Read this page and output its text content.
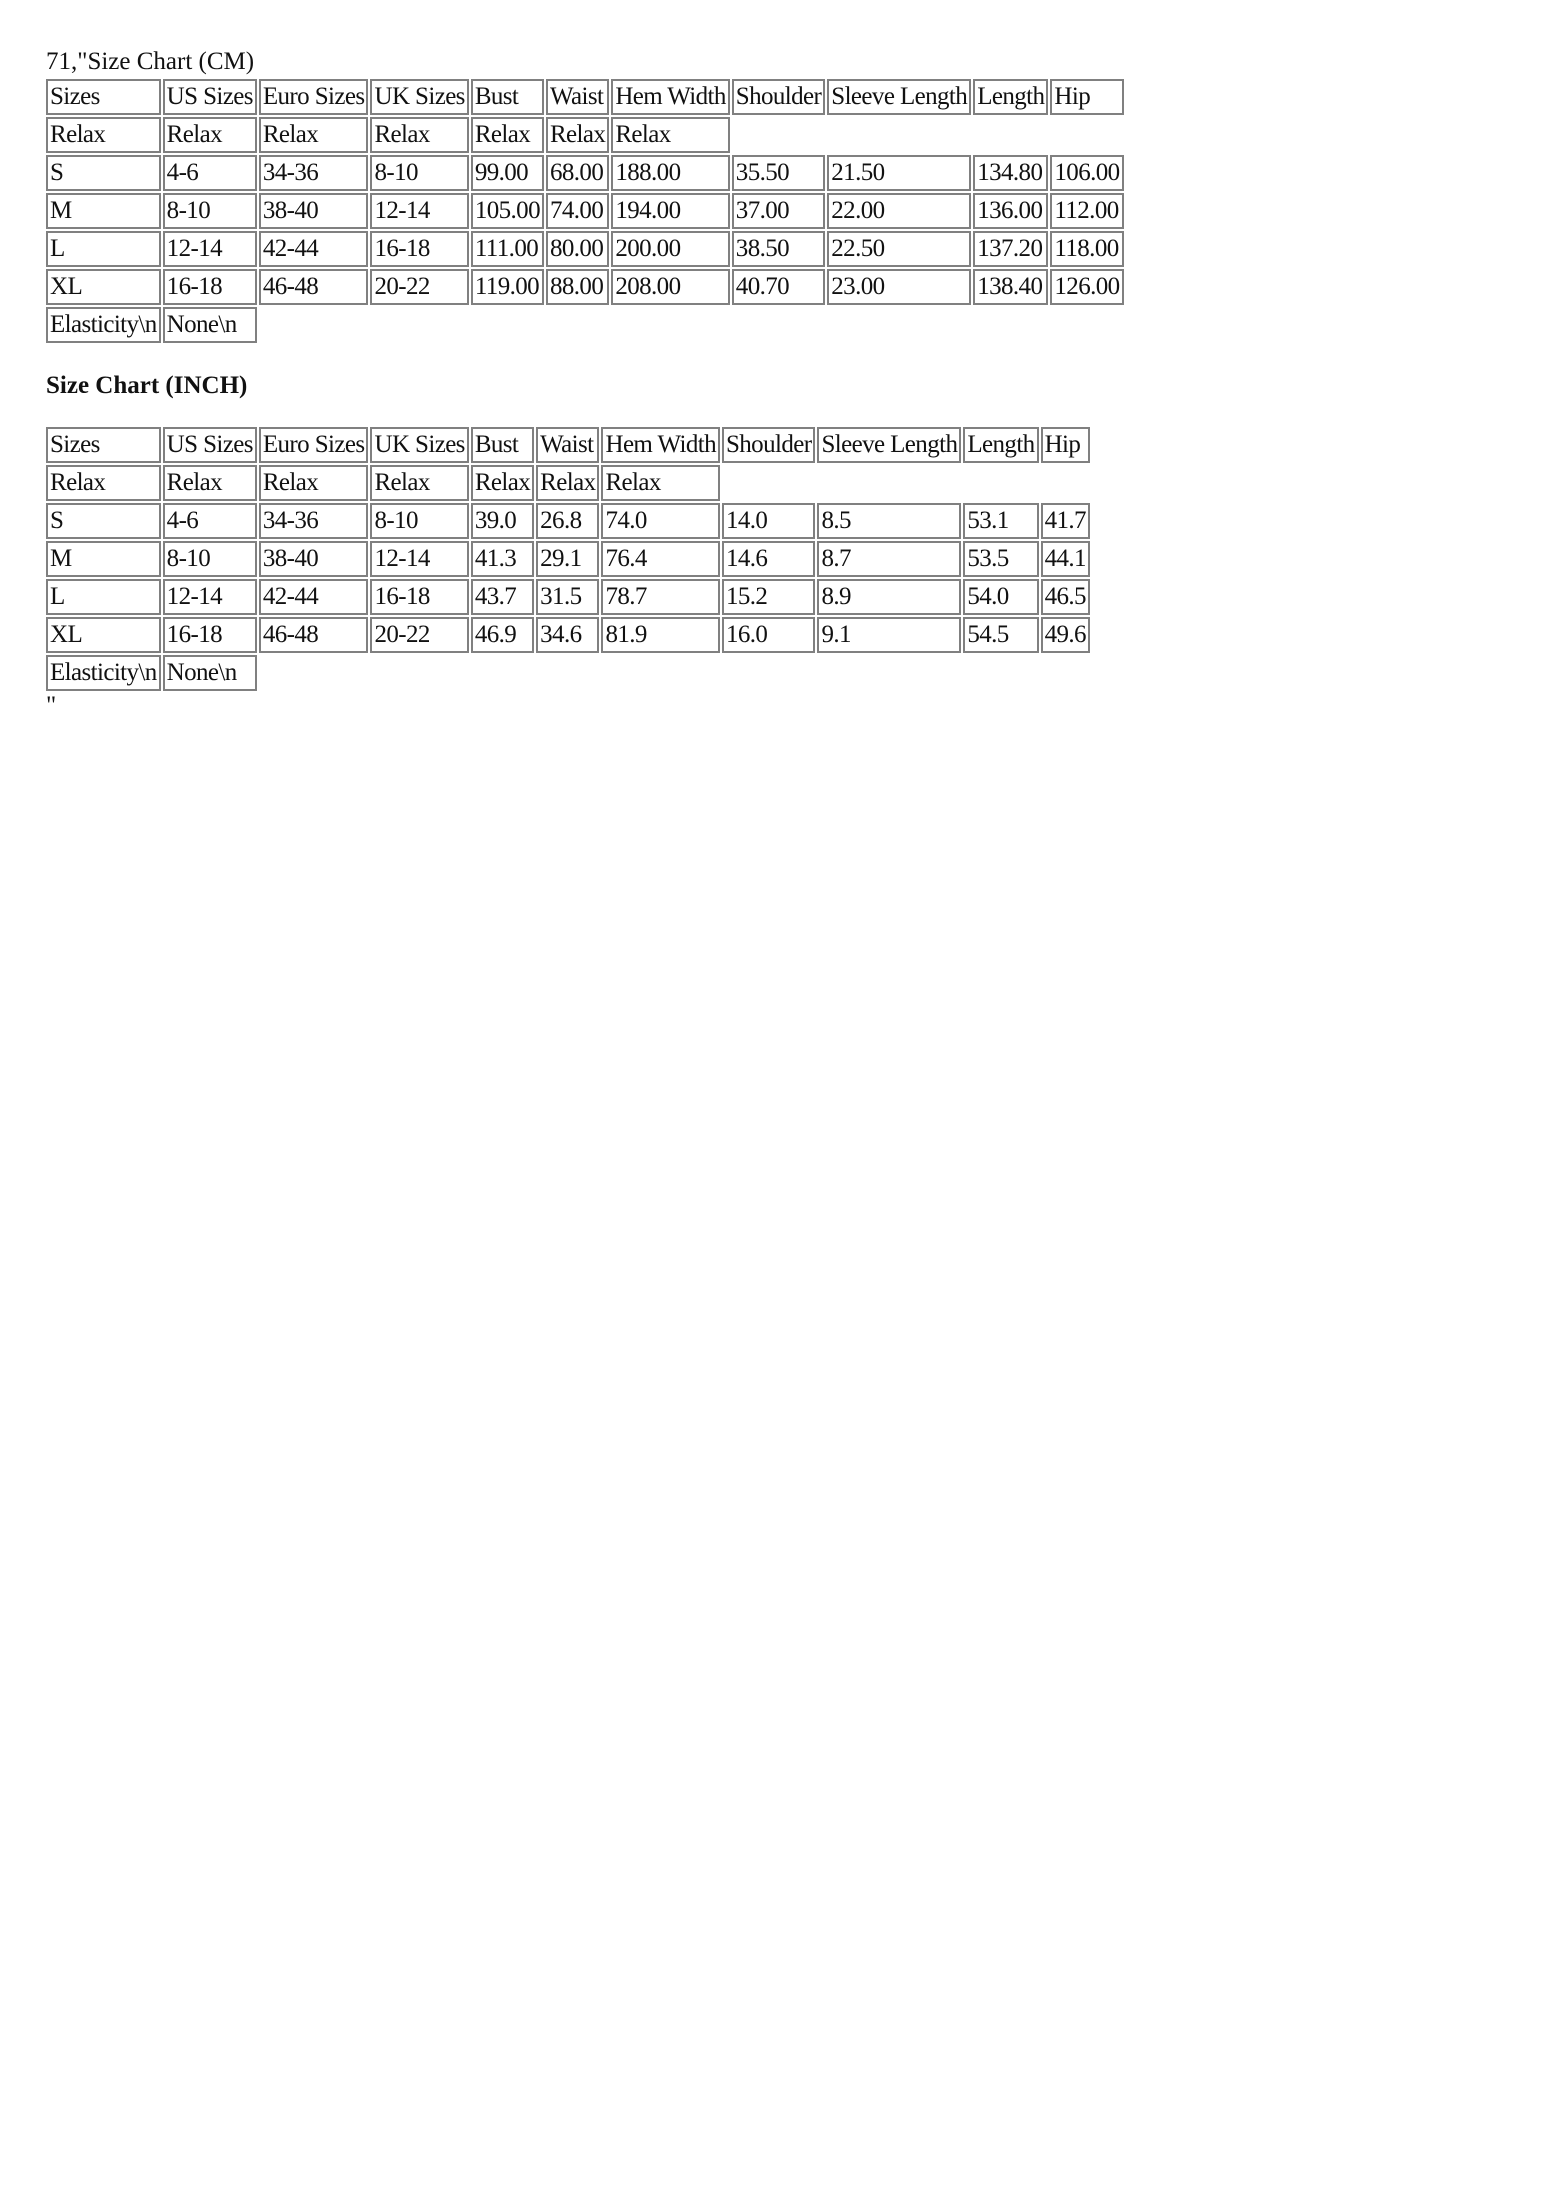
71,"Size Chart (CM)
Sizes	US Sizes	Euro Sizes	UK Sizes	Bust	Waist	Hem Width	Shoulder	Sleeve Length	Length	Hip
Relax	Relax	Relax	Relax	Relax	Relax	Relax				
S	4-6	34-36	8-10	99.00	68.00	188.00	35.50	21.50	134.80	106.00
M	8-10	38-40	12-14	105.00	74.00	194.00	37.00	22.00	136.00	112.00
L	12-14	42-44	16-18	111.00	80.00	200.00	38.50	22.50	137.20	118.00
XL	16-18	46-48	20-22	119.00	88.00	208.00	40.70	23.00	138.40	126.00
Elasticity\n	None\n									
Size Chart (INCH)
Sizes	US Sizes	Euro Sizes	UK Sizes	Bust	Waist	Hem Width	Shoulder	Sleeve Length	Length	Hip
Relax	Relax	Relax	Relax	Relax	Relax	Relax				
S	4-6	34-36	8-10	39.0	26.8	74.0	14.0	8.5	53.1	41.7
M	8-10	38-40	12-14	41.3	29.1	76.4	14.6	8.7	53.5	44.1
L	12-14	42-44	16-18	43.7	31.5	78.7	15.2	8.9	54.0	46.5
XL	16-18	46-48	20-22	46.9	34.6	81.9	16.0	9.1	54.5	49.6
Elasticity\n	None\n									
"
